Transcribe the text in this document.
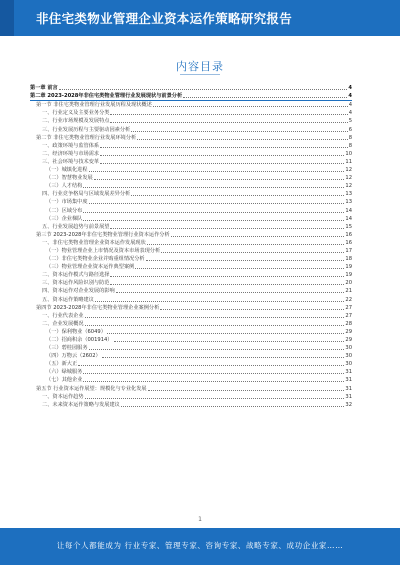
非住宅类物业管理企业资本运作策略研究报告
内容目录
第一章 前言	4
第二章 2023-2028年非住宅类物业管理行业发展现状与前景分析	4
第一节 非住宅类物业管理行业发展历程及现状概述	4
一、行业定义及主要业务分类	4
二、行业市场规模及发展特点	5
三、行业发展历程与主要驱动因素分析	6
第二节 非住宅类物业管理行业发展环境分析	8
一、政策环境与监管体系	8
二、经济环境与市场需求	10
三、社会环境与技术变革	11
（一）城镇化进程	12
（二）智慧物业发展	12
（三）人才结构	12
四、行业竞争格局与区域发展差异分析	13
（一）市场集中度	13
（二）区域分布	14
（三）企业梯队	14
五、行业发展趋势与前景展望	15
第三节 2023-2028年非住宅类物业管理行业资本运作分析	16
一、非住宅类物业管理企业资本运作发展现状	16
（一）物业管理企业上市情况及资本市场表现分析	17
（二）非住宅类物业企业并购重组情况分析	18
（三）物业管理企业资本运作典型案例	19
二、资本运作模式与路径选择	19
三、资本运作风险识别与防范	20
四、资本运作对企业发展的影响	21
五、资本运作策略建议	22
第四节 2023-2028年非住宅类物业管理企业案例分析	27
一、行业代表企业	27
二、企业发展概况	28
（一）保利物业（6049）	29
（二）招商积余（001914）	29
（三）碧桂园服务	30
（四）万物云（2602）	30
（五）新大正	30
（六）绿城服务	31
（七）其他企业	31
第五节 行业资本运作展望：规模化与专业化发展	31
一、资本运作趋势	31
二、未来资本运作策略与发展建议	32
1
让每个人都能成为 行业专家、管理专家、咨询专家、战略专家、成功企业家……
